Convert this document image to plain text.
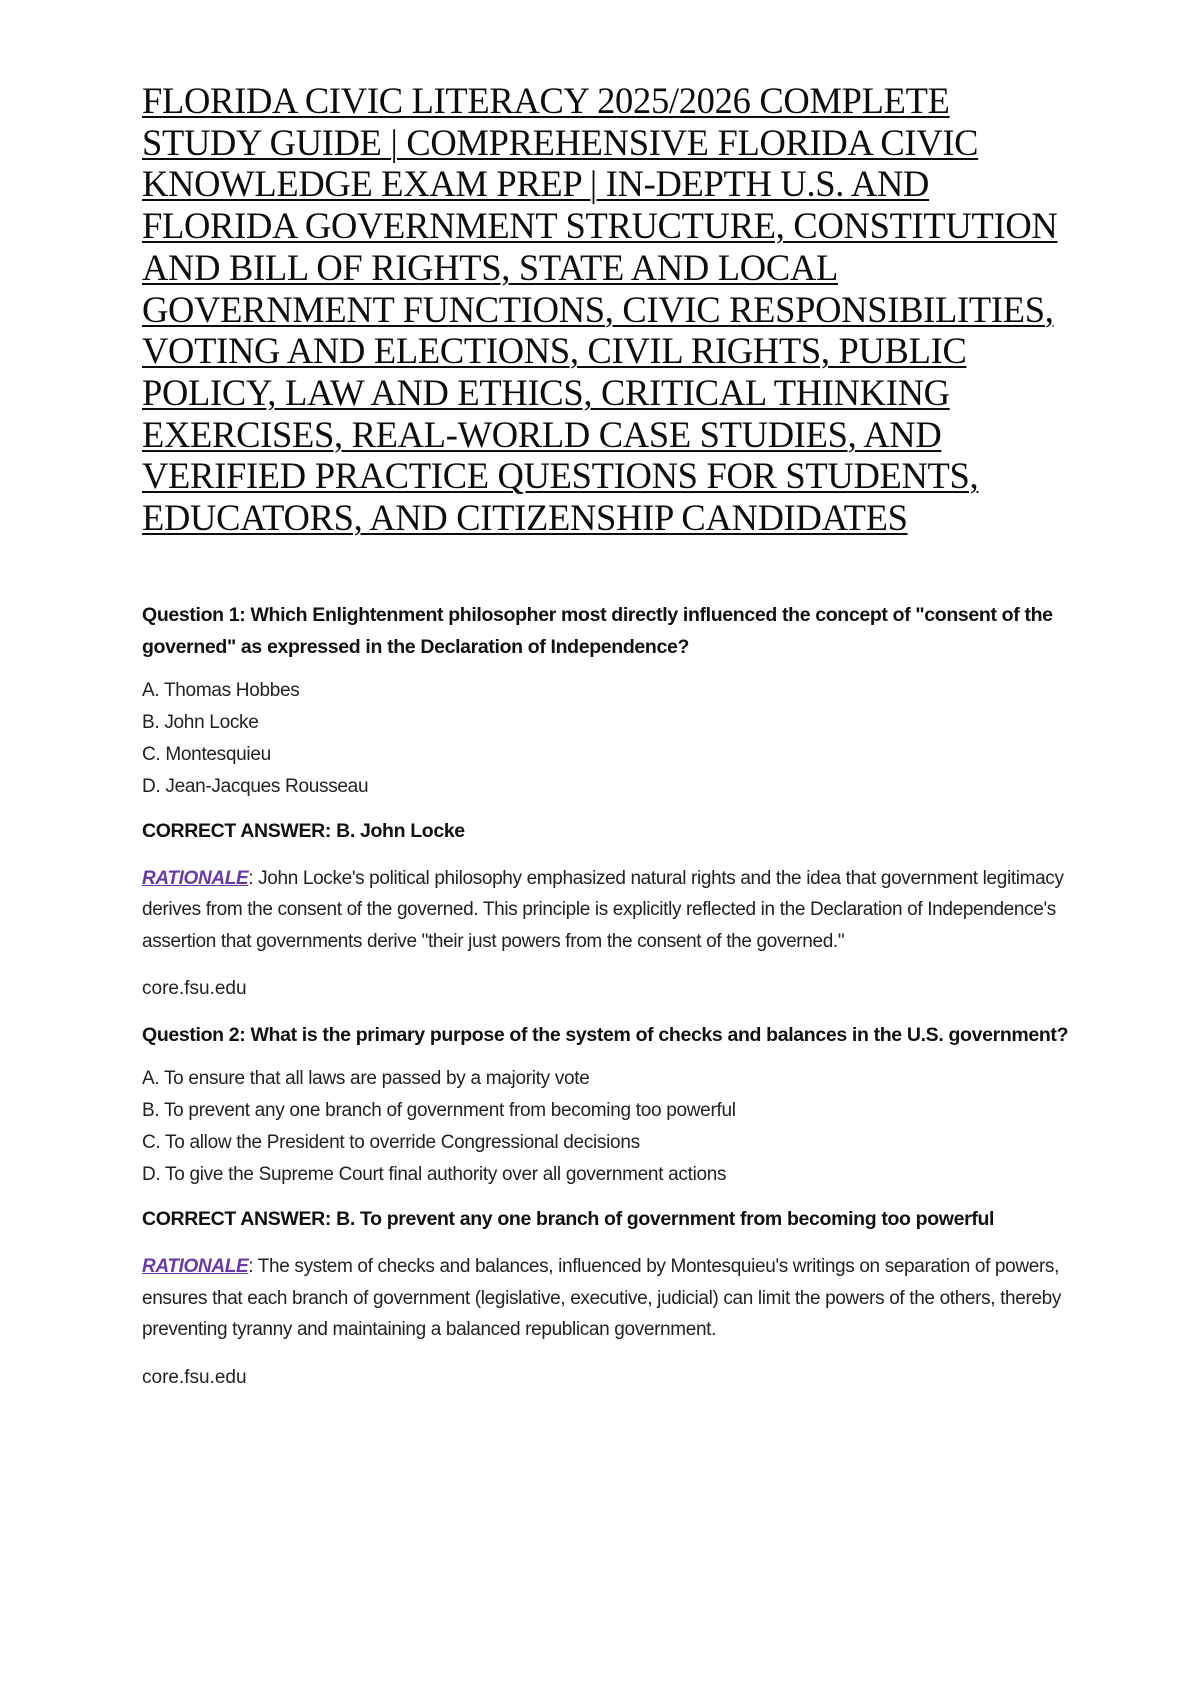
FLORIDA CIVIC LITERACY 2025/2026 COMPLETE STUDY GUIDE | COMPREHENSIVE FLORIDA CIVIC KNOWLEDGE EXAM PREP | IN-DEPTH U.S. AND FLORIDA GOVERNMENT STRUCTURE, CONSTITUTION AND BILL OF RIGHTS, STATE AND LOCAL GOVERNMENT FUNCTIONS, CIVIC RESPONSIBILITIES, VOTING AND ELECTIONS, CIVIL RIGHTS, PUBLIC POLICY, LAW AND ETHICS, CRITICAL THINKING EXERCISES, REAL-WORLD CASE STUDIES, AND VERIFIED PRACTICE QUESTIONS FOR STUDENTS, EDUCATORS, AND CITIZENSHIP CANDIDATES

Question 1: Which Enlightenment philosopher most directly influenced the concept of "consent of the governed" as expressed in the Declaration of Independence?

A. Thomas Hobbes
B. John Locke
C. Montesquieu
D. Jean-Jacques Rousseau

CORRECT ANSWER: B. John Locke

RATIONALE: John Locke's political philosophy emphasized natural rights and the idea that government legitimacy derives from the consent of the governed. This principle is explicitly reflected in the Declaration of Independence's assertion that governments derive "their just powers from the consent of the governed."

core.fsu.edu

Question 2: What is the primary purpose of the system of checks and balances in the U.S. government?

A. To ensure that all laws are passed by a majority vote
B. To prevent any one branch of government from becoming too powerful
C. To allow the President to override Congressional decisions
D. To give the Supreme Court final authority over all government actions

CORRECT ANSWER: B. To prevent any one branch of government from becoming too powerful

RATIONALE: The system of checks and balances, influenced by Montesquieu's writings on separation of powers, ensures that each branch of government (legislative, executive, judicial) can limit the powers of the others, thereby preventing tyranny and maintaining a balanced republican government.

core.fsu.edu
